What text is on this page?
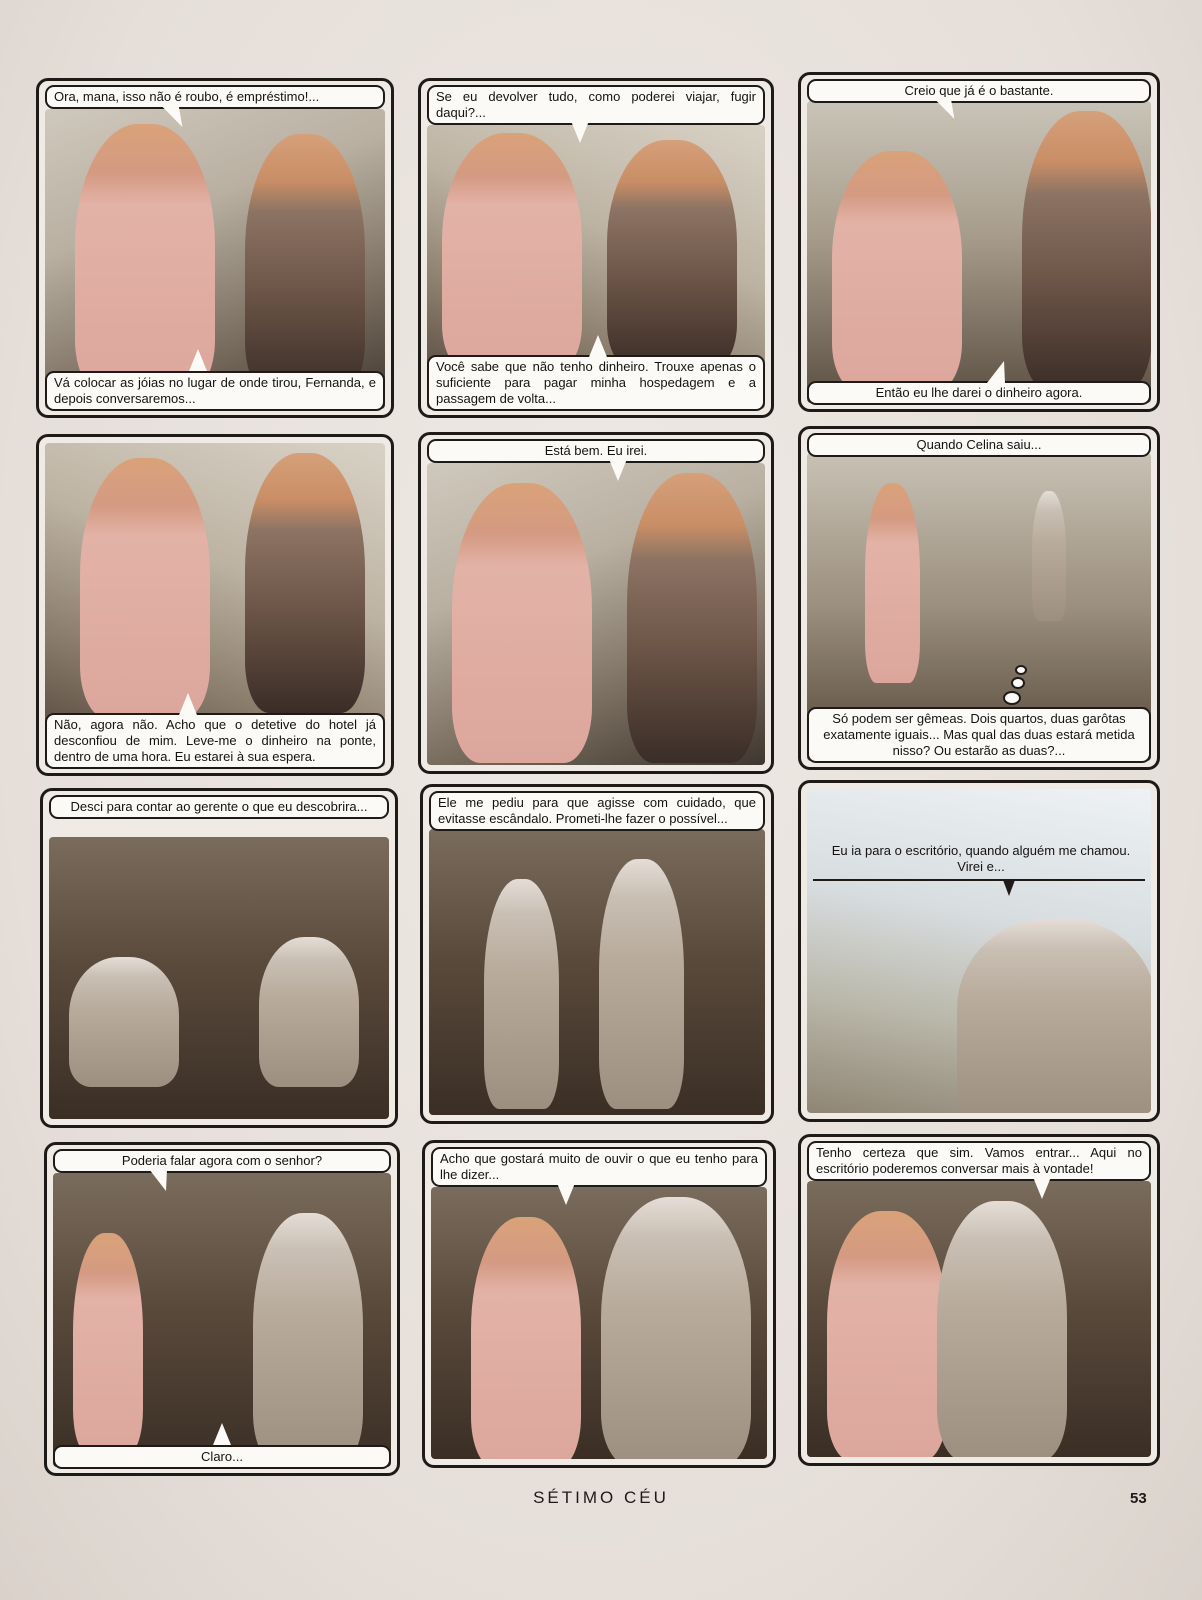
Ora, mana, isso não é roubo, é empréstimo!...
Vá colocar as jóias no lugar de onde tirou, Fernanda, e depois conversaremos...
Se eu devolver tudo, como poderei viajar, fugir daqui?...
Você sabe que não tenho dinheiro. Trouxe apenas o suficiente para pagar minha hospedagem e a passagem de volta...
Creio que já é o bastante.
Então eu lhe darei o dinheiro agora.
Não, agora não. Acho que o detetive do hotel já desconfiou de mim. Leve-me o dinheiro na ponte, dentro de uma hora. Eu estarei à sua espera.
Está bem. Eu irei.	Quando Celina saiu...
Só podem ser gêmeas. Dois quartos, duas garôtas exatamente iguais... Mas qual das duas estará metida nisso? Ou estarão as duas?...
Desci para contar ao gerente o que eu descobrira...	Ele me pediu para que agisse com cuidado, que evitasse escândalo. Prometi-lhe fazer o possível...
Eu ia para o escritório, quando alguém me chamou. Virei e...
Poderia falar agora com o senhor?
Claro...
Acho que gostará muito de ouvir o que eu tenho para lhe dizer...
Tenho certeza que sim. Vamos entrar... Aqui no escritório poderemos conversar mais à vontade!
SÉTIMO CÉU	53
